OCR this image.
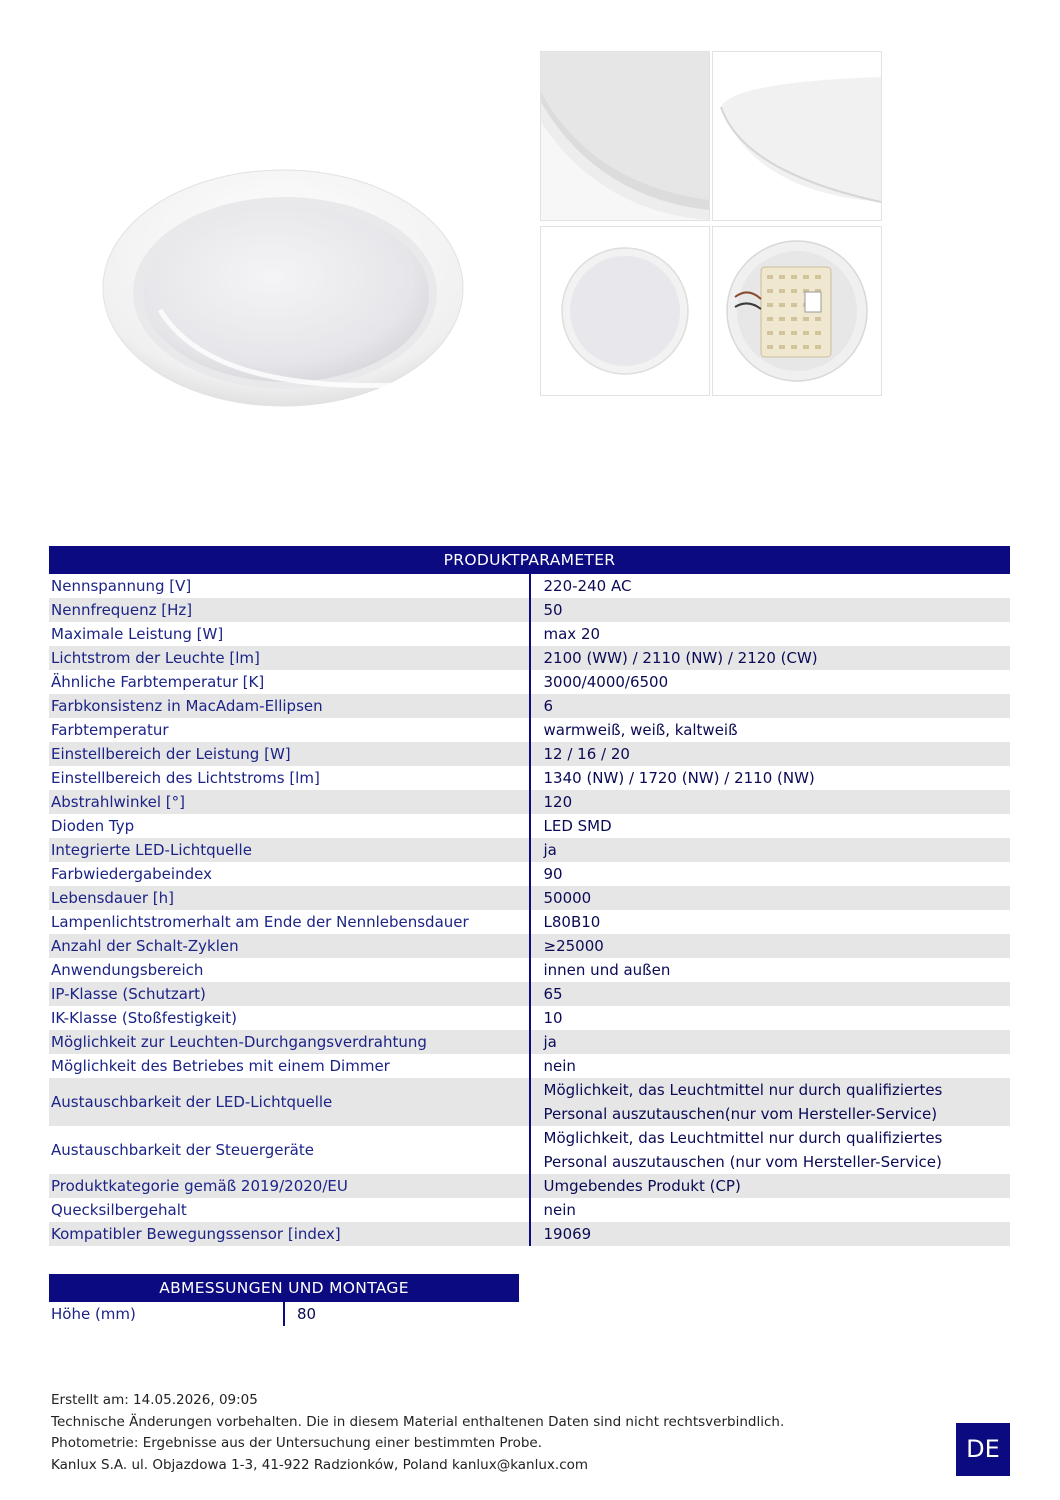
PRODUKTPARAMETER	
Nennspannung [V]	220-240 AC
Nennfrequenz [Hz]	50
Maximale Leistung [W]	max 20
Lichtstrom der Leuchte [lm]	2100 (WW) / 2110 (NW) / 2120 (CW)
Ähnliche Farbtemperatur [K]	3000/4000/6500
Farbkonsistenz in MacAdam-Ellipsen	6
Farbtemperatur	warmweiß, weiß, kaltweiß
Einstellbereich der Leistung [W]	12 / 16 / 20
Einstellbereich des Lichtstroms [lm]	1340 (NW) / 1720 (NW) / 2110 (NW)
Abstrahlwinkel [°]	120
Dioden Typ	LED SMD
Integrierte LED-Lichtquelle	ja
Farbwiedergabeindex	90
Lebensdauer [h]	50000
Lampenlichtstromerhalt am Ende der Nennlebensdauer	L80B10
Anzahl der Schalt-Zyklen	≥25000
Anwendungsbereich	innen und außen
IP-Klasse (Schutzart)	65
IK-Klasse (Stoßfestigkeit)	10
Möglichkeit zur Leuchten-Durchgangsverdrahtung	ja
Möglichkeit des Betriebes mit einem Dimmer	nein
Austauschbarkeit der LED-Lichtquelle	Möglichkeit, das Leuchtmittel nur durch qualifiziertes
Personal auszutauschen(nur vom Hersteller-Service)

Austauschbarkeit der Steuergeräte	Möglichkeit, das Leuchtmittel nur durch qualifiziertes
Personal auszutauschen (nur vom Hersteller-Service)

Produktkategorie gemäß 2019/2020/EU	Umgebendes Produkt (CP)
Quecksilbergehalt	nein
Kompatibler Bewegungssensor [index]	19069
ABMESSUNGEN UND MONTAGE
Höhe (mm)	80
Erstellt am: 14.05.2026, 09:05
Technische Änderungen vorbehalten. Die in diesem Material enthaltenen Daten sind nicht rechtsverbindlich.
Photometrie: Ergebnisse aus der Untersuchung einer bestimmten Probe.
Kanlux S.A. ul. Objazdowa 1-3, 41-922 Radzionków, Poland kanlux@kanlux.com
DE
